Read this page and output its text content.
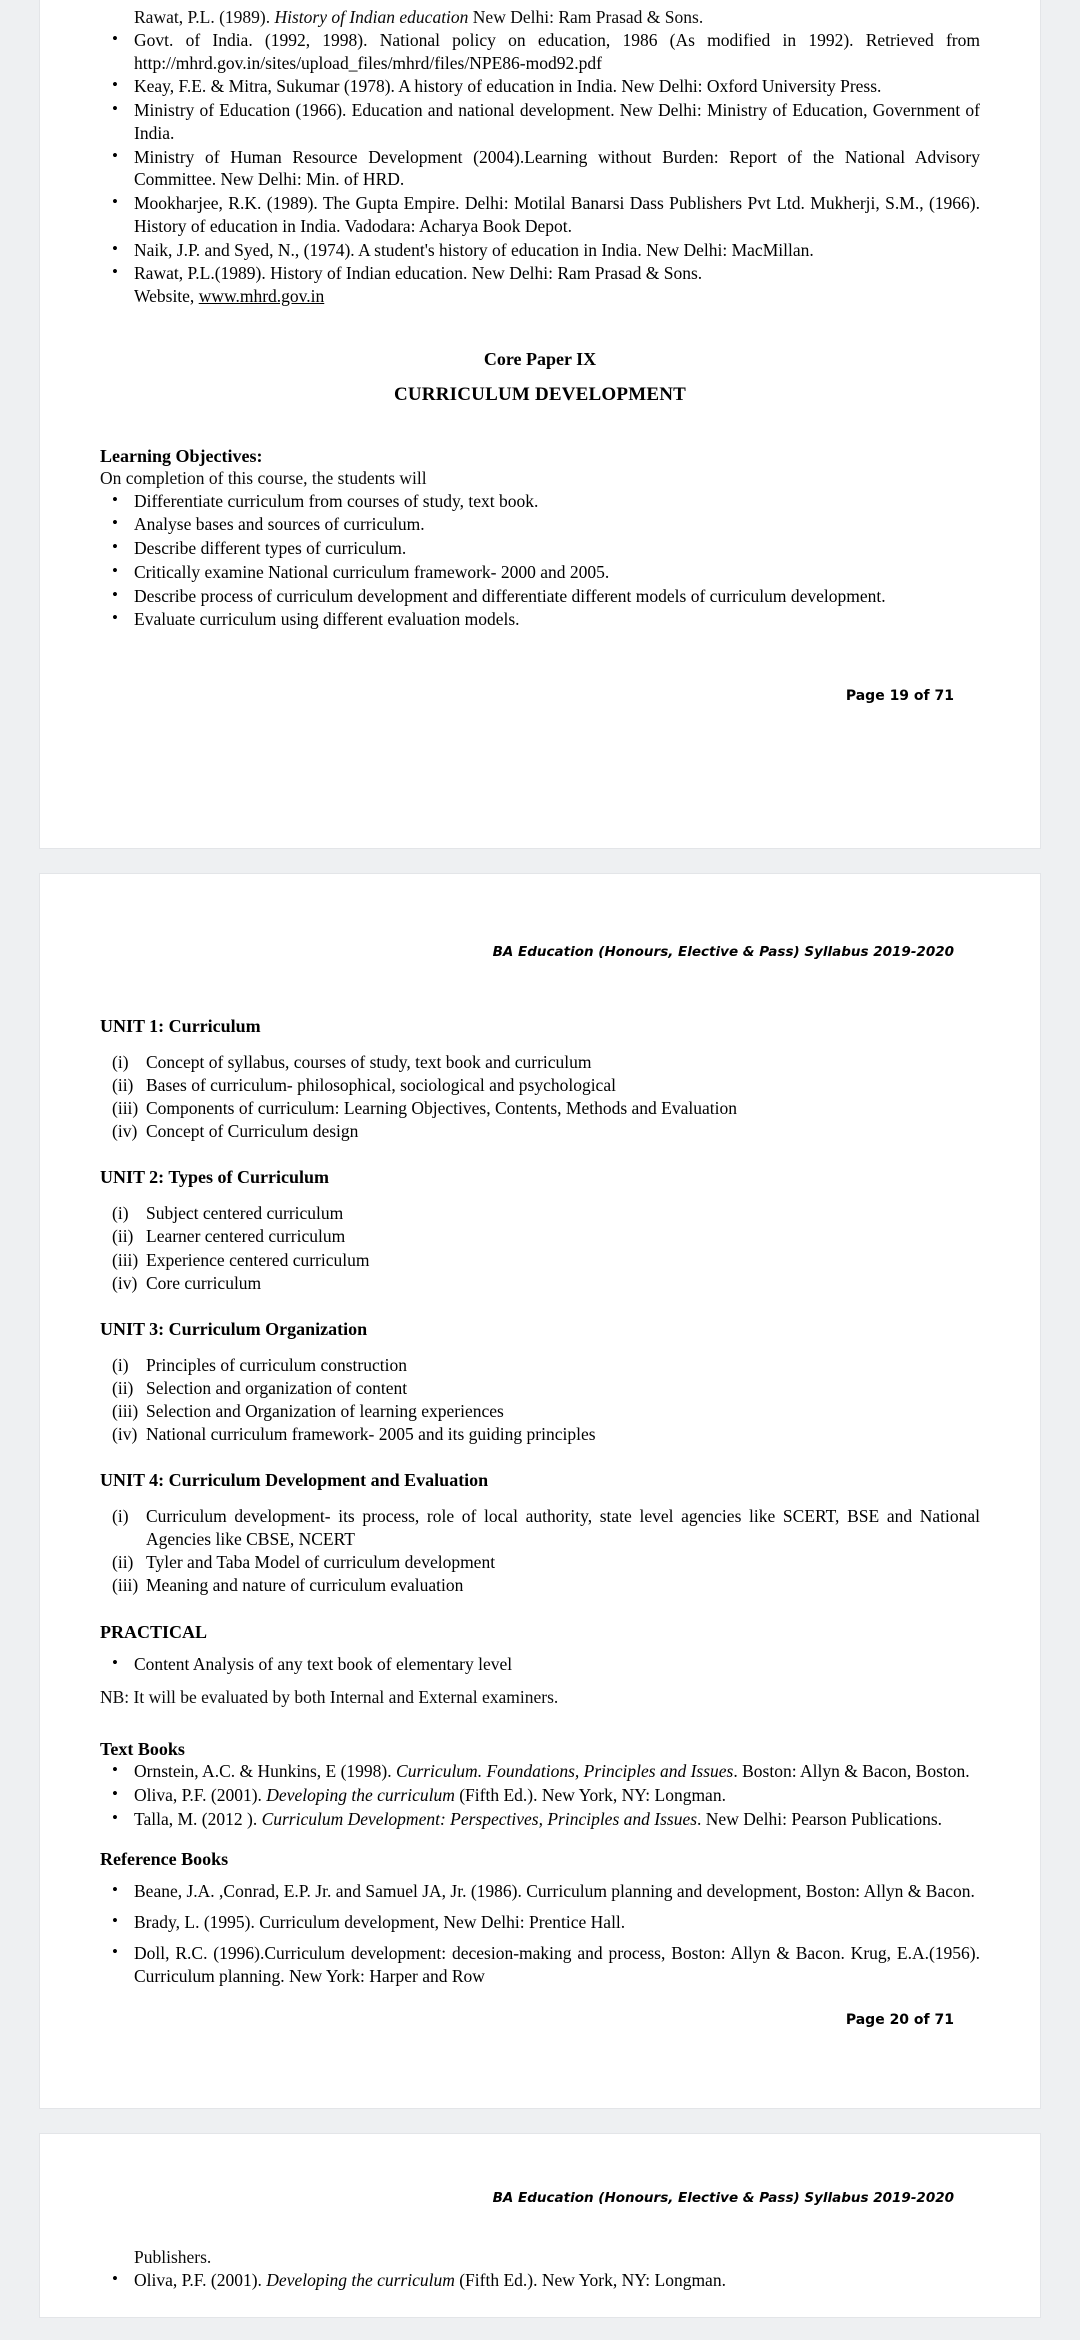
Rawat, P.L. (1989). History of Indian education New Delhi: Ram Prasad & Sons.
• Govt. of India. (1992, 1998). National policy on education, 1986 (As modified in 1992). Retrieved from http://mhrd.gov.in/sites/upload_files/mhrd/files/NPE86-mod92.pdf
• Keay, F.E. & Mitra, Sukumar (1978). A history of education in India. New Delhi: Oxford University Press.
• Ministry of Education (1966). Education and national development. New Delhi: Ministry of Education, Government of India.
• Ministry of Human Resource Development (2004).Learning without Burden: Report of the National Advisory Committee. New Delhi: Min. of HRD.
• Mookharjee, R.K. (1989). The Gupta Empire. Delhi: Motilal Banarsi Dass Publishers Pvt Ltd. Mukherji, S.M., (1966). History of education in India. Vadodara: Acharya Book Depot.
• Naik, J.P. and Syed, N., (1974). A student's history of education in India. New Delhi: MacMillan.
• Rawat, P.L.(1989). History of Indian education. New Delhi: Ram Prasad & Sons.
Website, www.mhrd.gov.in
Core Paper IX
CURRICULUM DEVELOPMENT
Learning Objectives:
On completion of this course, the students will
• Differentiate curriculum from courses of study, text book.
• Analyse bases and sources of curriculum.
• Describe different types of curriculum.
• Critically examine National curriculum framework- 2000 and 2005.
• Describe process of curriculum development and differentiate different models of curriculum development.
• Evaluate curriculum using different evaluation models.
Page 19 of 71
BA Education (Honours, Elective & Pass) Syllabus 2019-2020
UNIT 1: Curriculum
(i) Concept of syllabus, courses of study, text book and curriculum
(ii) Bases of curriculum- philosophical, sociological and psychological
(iii) Components of curriculum: Learning Objectives, Contents, Methods and Evaluation
(iv) Concept of Curriculum design
UNIT 2: Types of Curriculum
(i) Subject centered curriculum
(ii) Learner centered curriculum
(iii) Experience centered curriculum
(iv) Core curriculum
UNIT 3: Curriculum Organization
(i) Principles of curriculum construction
(ii) Selection and organization of content
(iii) Selection and Organization of learning experiences
(iv) National curriculum framework- 2005 and its guiding principles
UNIT 4: Curriculum Development and Evaluation
(i) Curriculum development- its process, role of local authority, state level agencies like SCERT, BSE and National Agencies like CBSE, NCERT
(ii) Tyler and Taba Model of curriculum development
(iii) Meaning and nature of curriculum evaluation
PRACTICAL
• Content Analysis of any text book of elementary level
NB: It will be evaluated by both Internal and External examiners.
Text Books
• Ornstein, A.C. & Hunkins, E (1998). Curriculum. Foundations, Principles and Issues. Boston: Allyn & Bacon, Boston.
• Oliva, P.F. (2001). Developing the curriculum (Fifth Ed.). New York, NY: Longman.
• Talla, M. (2012 ). Curriculum Development: Perspectives, Principles and Issues. New Delhi: Pearson Publications.
Reference Books
• Beane, J.A. ,Conrad, E.P. Jr. and Samuel JA, Jr. (1986). Curriculum planning and development, Boston: Allyn & Bacon.
• Brady, L. (1995). Curriculum development, New Delhi: Prentice Hall.
• Doll, R.C. (1996).Curriculum development: decesion-making and process, Boston: Allyn & Bacon. Krug, E.A.(1956). Curriculum planning. New York: Harper and Row
Page 20 of 71
BA Education (Honours, Elective & Pass) Syllabus 2019-2020
Publishers.
• Oliva, P.F. (2001). Developing the curriculum (Fifth Ed.). New York, NY: Longman.
